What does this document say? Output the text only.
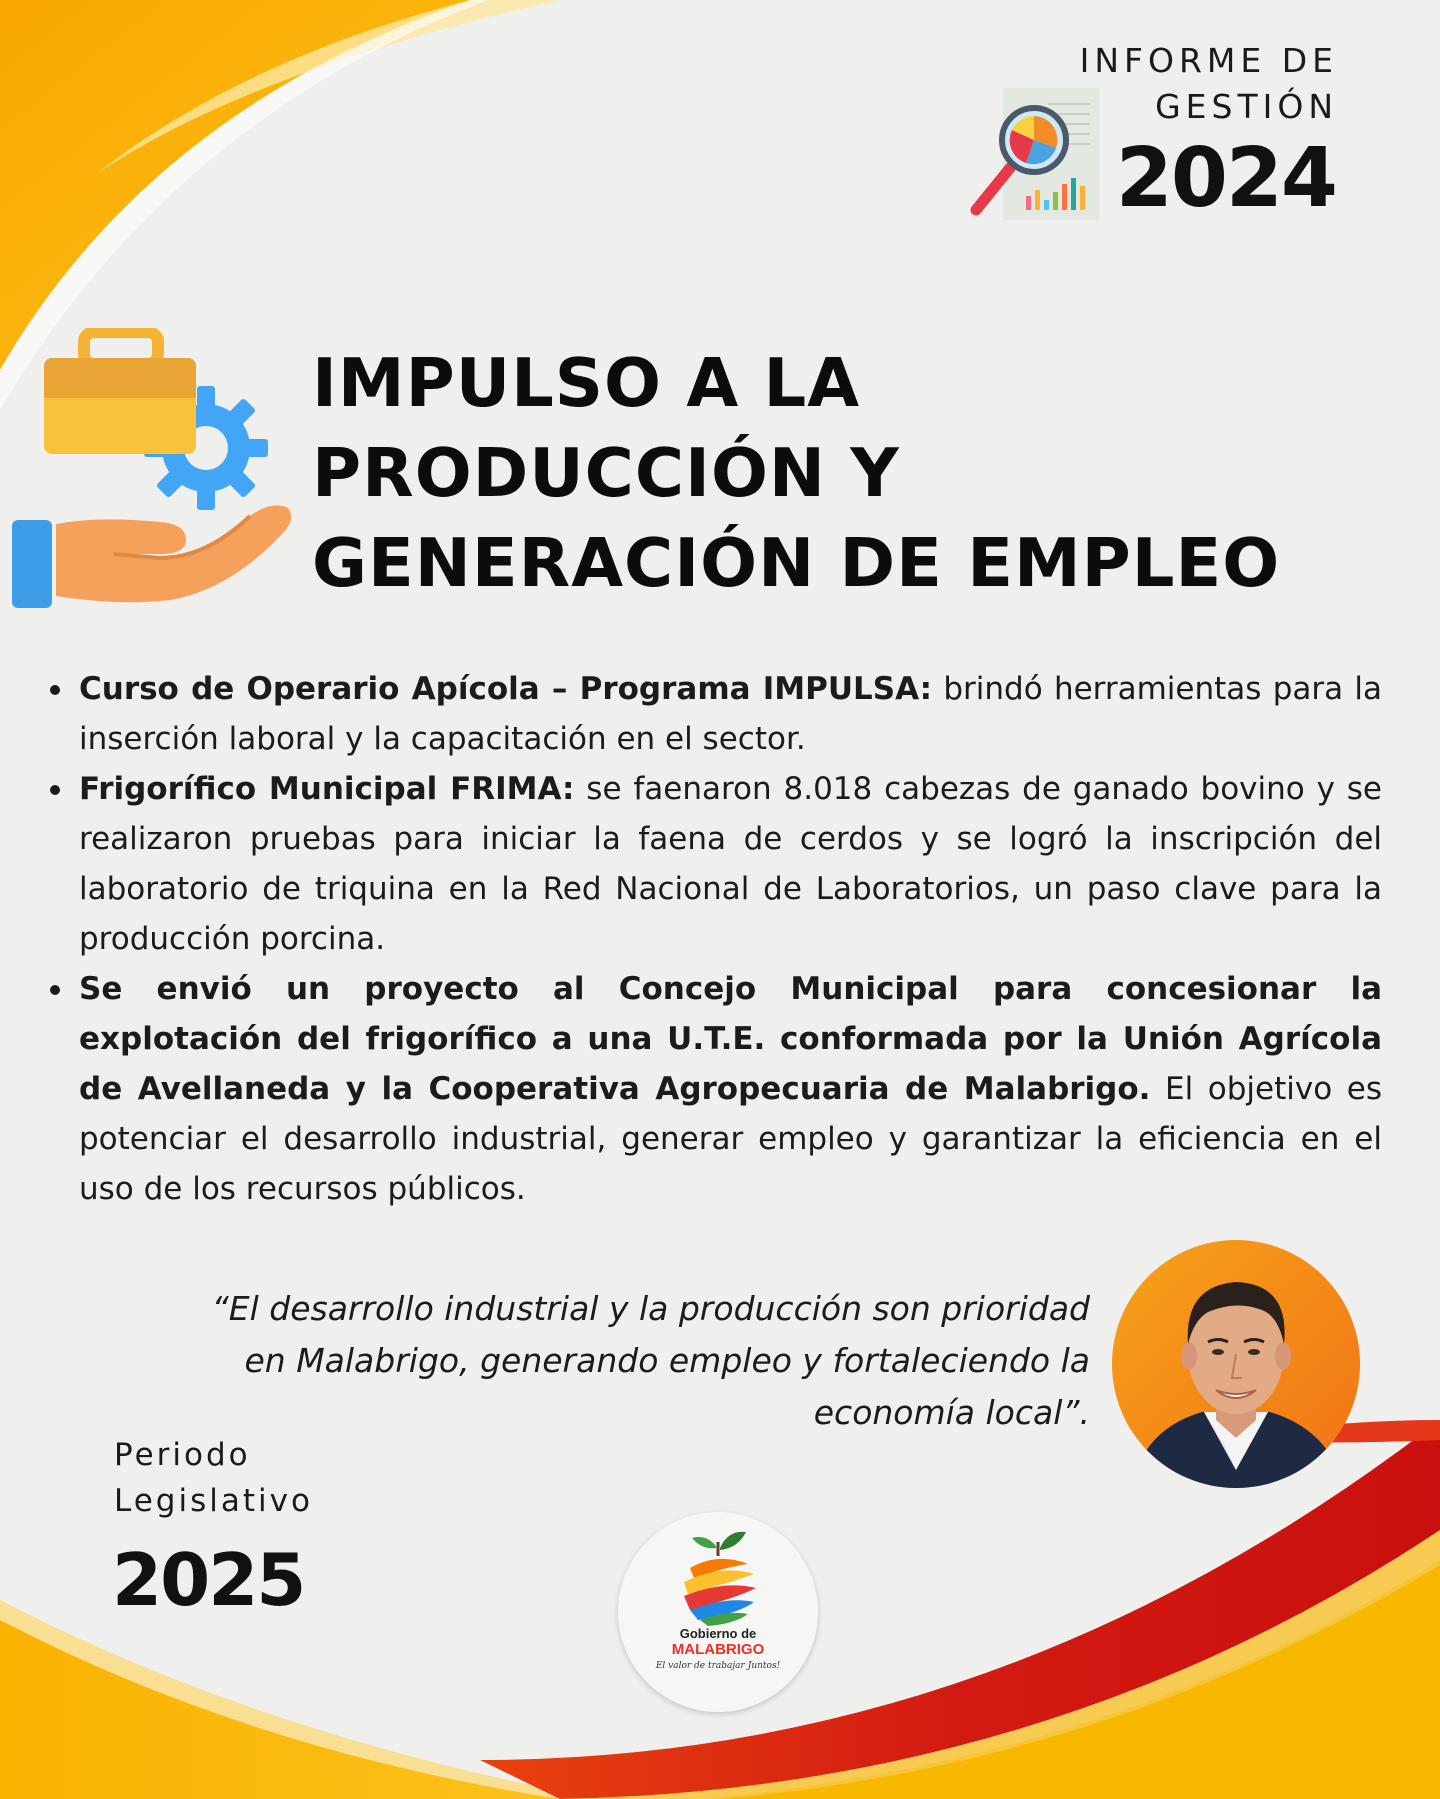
INFORME DE
GESTIÓN
2024
IMPULSO A LA
PRODUCCIÓN Y
GENERACIÓN DE EMPLEO
Curso de Operario Apícola – Programa IMPULSA: brindó herramientas para la inserción laboral y la capacitación en el sector.
Frigorífico Municipal FRIMA: se faenaron 8.018 cabezas de ganado bovino y se realizaron pruebas para iniciar la faena de cerdos y se logró la inscripción del laboratorio de triquina en la Red Nacional de Laboratorios, un paso clave para la producción porcina.
Se envió un proyecto al Concejo Municipal para concesionar la explotación del frigorífico a una U.T.E. conformada por la Unión Agrícola de Avellaneda y la Cooperativa Agropecuaria de Malabrigo. El objetivo es potenciar el desarrollo industrial, generar empleo y garantizar la eficiencia en el uso de los recursos públicos.
“El desarrollo industrial y la producción son prioridad
en Malabrigo, generando empleo y fortaleciendo la
economía local”.
Periodo
Legislativo
2025
Gobierno de
MALABRIGO
El valor de trabajar Juntos!
